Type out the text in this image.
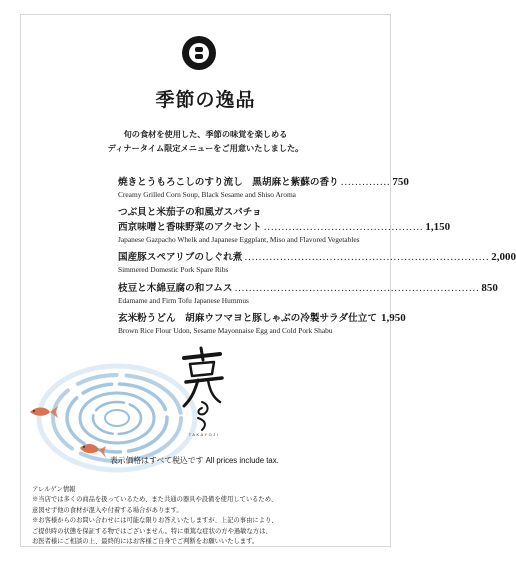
季節の逸品
旬の食材を使用した、季節の味覚を楽しめる
ディナータイム限定メニューをご用意いたしました。
焼きとうもろこしのすり流し　黒胡麻と紫蘇の香り .............. 750
Creamy Grilled Corn Soup, Black Sesame and Shiso Aroma
つぶ貝と米茄子の和風ガスパチョ
西京味噌と香味野菜のアクセント ............................................. 1,150
Japanese Gazpacho Whelk and Japanese Eggplant, Miso and Flavored Vegetables
国産豚スペアリブのしぐれ煮 ..................................................................... 2,000
Simmered Domestic Pork Spare Ribs
枝豆と木綿豆腐の和フムス ..................................................................... 850
Edamame and Firm Tofu Japanese Hummus
玄米粉うどん　胡麻ウフマヨと豚しゃぶの冷製サラダ仕立て 1,950
Brown Rice Flour Udon, Sesame Mayonnaise Egg and Cold Pork Shabu
TAKAYOJI
表示価格はすべて税込です All prices include tax.
アレルゲン情報
※当店では多くの商品を扱っているため、また共通の器具や設備を使用しているため、
意図せず他の食材が混入や付着する場合があります。
※お客様からのお問い合わせには可能な限りお答えいたしますが、上記の事由により、
ご提供時の状態を保証する物ではございません。特に重篤な症状の方や過敏な方は、
お医者様にご相談の上、最終的にはお客様ご自身でご判断をお願いいたします。
